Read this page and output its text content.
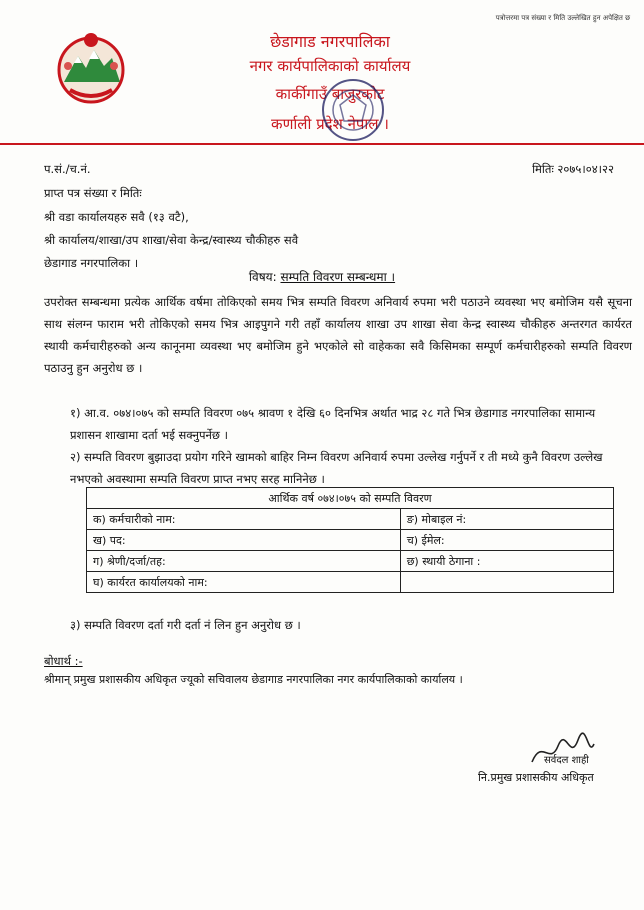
पत्रोत्तरमा पत्र संख्या र मिति उल्लेखित हुन अपेक्षित छ
छेडागाड नगरपालिका
नगर कार्यपालिकाको कार्यालय
कार्कीगाउँ बाजुरकोट
कर्णाली प्रदेश नेपाल ।
प.सं./च.नं.	मितिः २०७५।०४।२२
प्राप्त पत्र संख्या र मितिः
श्री वडा कार्यालयहरु सवै (१३ वटै),
श्री कार्यालय/शाखा/उप शाखा/सेवा केन्द्र/स्वास्थ्य चौकीहरु सवै
छेडागाड नगरपालिका ।
विषय: सम्पति विवरण सम्बन्धमा ।
उपरोक्त सम्बन्धमा प्रत्येक आर्थिक वर्षमा तोकिएको समय भित्र सम्पति विवरण अनिवार्य रुपमा भरी पठाउने व्यवस्था भए बमोजिम यसै सूचना साथ संलग्न फाराम भरी तोकिएको समय भित्र आइपुगने गरी तहाँ कार्यालय शाखा उप शाखा सेवा केन्द्र स्वास्थ्य चौकीहरु अन्तरगत कार्यरत स्थायी कर्मचारीहरुको अन्य कानूनमा व्यवस्था भए बमोजिम हुने भएकोले सो वाहेकका सवै किसिमका सम्पूर्ण कर्मचारीहरुको सम्पति विवरण पठाउनु हुन अनुरोध छ ।
१) आ.व. ०७४।०७५ को सम्पति विवरण ०७५ श्रावण १ देखि ६० दिनभित्र अर्थात भाद्र २८ गते भित्र छेडागाड नगरपालिका सामान्य प्रशासन शाखामा दर्ता भई सक्नुपर्नेछ ।
२) सम्पति विवरण बुझाउदा प्रयोग गरिने खामको बाहिर निम्न विवरण अनिवार्य रुपमा उल्लेख गर्नुपर्ने र ती मध्ये कुनै विवरण उल्लेख नभएको अवस्थामा सम्पति विवरण प्राप्त नभए सरह मानिनेछ ।
आर्थिक वर्ष ०७४।०७५ को सम्पति विवरण	
क) कर्मचारीको नाम:	ङ) मोबाइल नं:
ख) पद:	च) ईमेल:
ग) श्रेणी/दर्जा/तह:	छ) स्थायी ठेगाना :
घ) कार्यरत कार्यालयको नाम:	
३) सम्पति विवरण दर्ता गरी दर्ता नं लिन हुन अनुरोध छ ।
बोधार्थ :-
श्रीमान् प्रमुख प्रशासकीय अधिकृत ज्यूको सचिवालय छेडागाड नगरपालिका नगर कार्यपालिकाको कार्यालय ।
सर्वदल शाही
नि.प्रमुख प्रशासकीय अधिकृत
